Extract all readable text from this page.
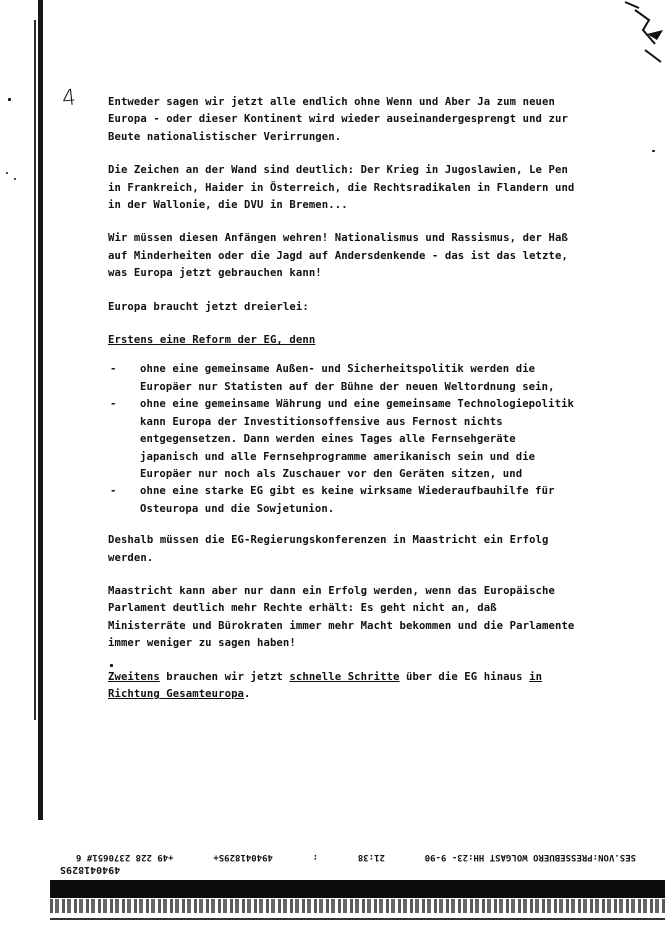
4	Entweder sagen wir jetzt alle endlich ohne Wenn und Aber Ja zum neuen Europa - oder dieser Kontinent wird wieder auseinandergesprengt und zur Beute nationalistischer Verirrungen.

Die Zeichen an der Wand sind deutlich: Der Krieg in Jugoslawien, Le Pen in Frankreich, Haider in Österreich, die Rechtsradikalen in Flandern und in der Wallonie, die DVU in Bremen...

Wir müssen diesen Anfängen wehren! Nationalismus und Rassismus, der Haß auf Minderheiten oder die Jagd auf Andersdenkende - das ist das letzte, was Europa jetzt gebrauchen kann!

Europa braucht jetzt dreierlei:

Erstens eine Reform der EG, denn

- ohne eine gemeinsame Außen- und Sicherheitspolitik werden die Europäer nur Statisten auf der Bühne der neuen Weltordnung sein,
- ohne eine gemeinsame Währung und eine gemeinsame Technologiepolitik kann Europa der Investitionsoffensive aus Fernost nichts entgegensetzen. Dann werden eines Tages alle Fernsehgeräte japanisch und alle Fernsehprogramme amerikanisch sein und die Europäer nur noch als Zuschauer vor den Geräten sitzen, und
- ohne eine starke EG gibt es keine wirksame Wiederaufbauhilfe für Osteuropa und die Sowjetunion.

Deshalb müssen die EG-Regierungskonferenzen in Maastricht ein Erfolg werden.

Maastricht kann aber nur dann ein Erfolg werden, wenn das Europäische Parlament deutlich mehr Rechte erhält: Es geht nicht an, daß Ministerräte und Bürokraten immer mehr Macht bekommen und die Parlamente immer weniger zu sagen haben!

Zweitens brauchen wir jetzt schnelle Schritte über die EG hinaus in Richtung Gesamteuropa.

SES.VON:PRESSEBUERO WOLGAST HH:23- 9-90
21:38
:
494041829S+
+49 228 2370651# 6
494041829S
